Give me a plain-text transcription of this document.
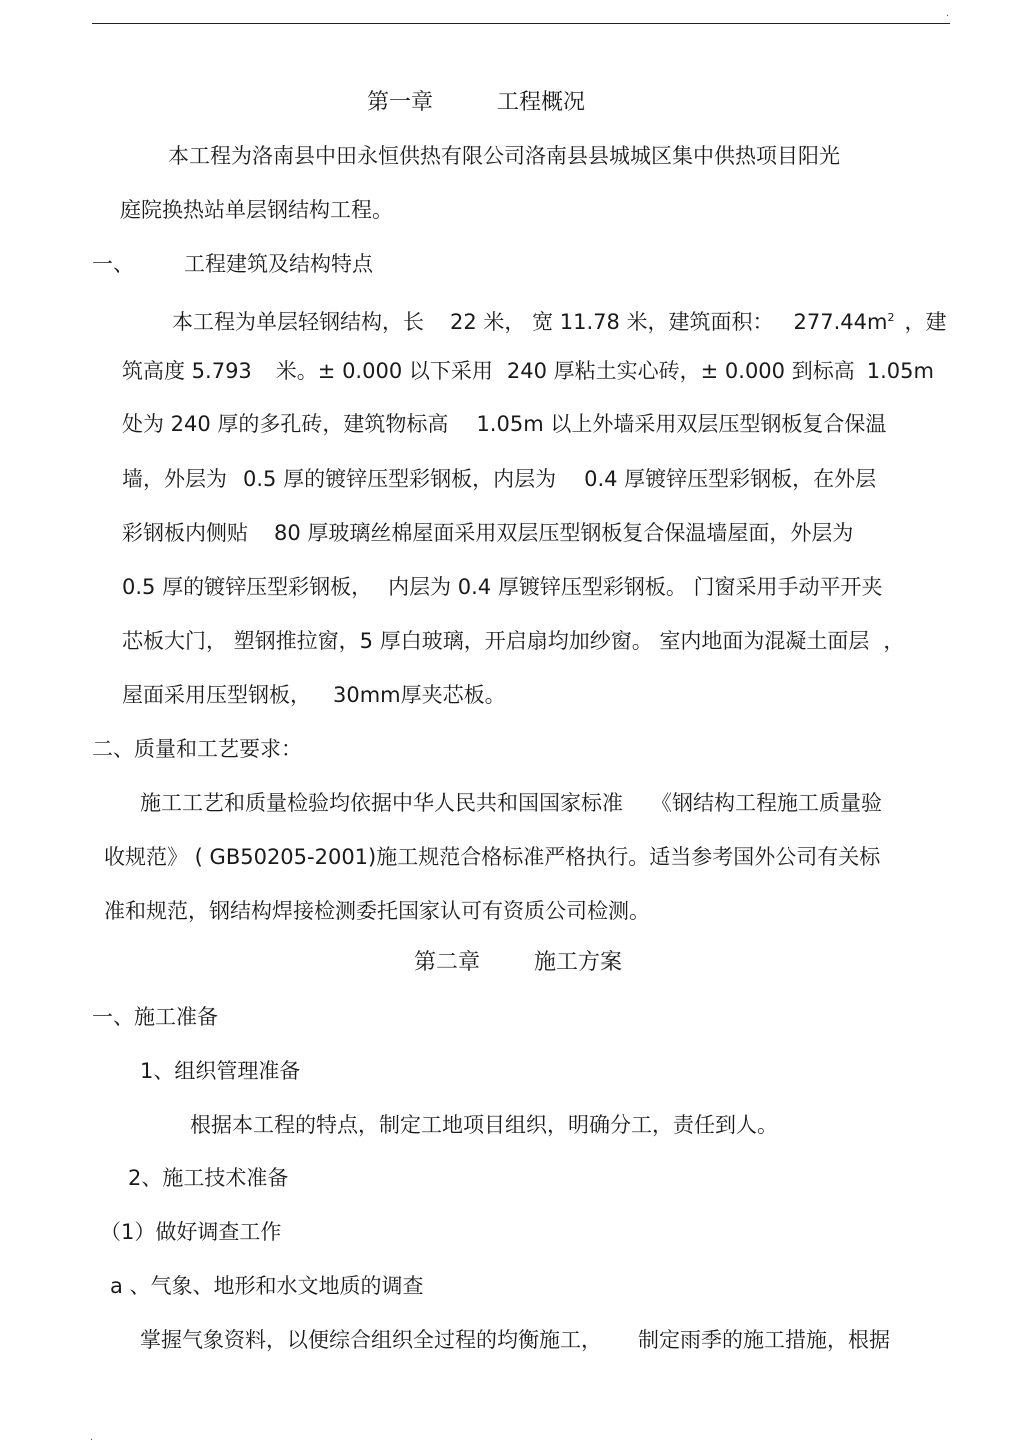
.
.
第一章	工程概况
本工程为洛南县中田永恒供热有限公司洛南县县城城区集中供热项目阳光
庭院换热站单层钢结构工程。
一、 工程建筑及结构特点
本工程为单层轻钢结构，长 22 米， 宽 11.78 米，建筑面积： $277.44m^2$ ，建
筑高度 5.793 米。± 0.000 以下采用 240 厚粘土实心砖，± 0.000 到标高 1.05m
处为 240 厚的多孔砖，建筑物标高 1.05m 以上外墙采用双层压型钢板复合保温
墙，外层为 0.5 厚的镀锌压型彩钢板，内层为 0.4 厚镀锌压型彩钢板，在外层
彩钢板内侧贴 80 厚玻璃丝棉屋面采用双层压型钢板复合保温墙屋面，外层为
0.5 厚的镀锌压型彩钢板， 内层为 0.4 厚镀锌压型彩钢板。 门窗采用手动平开夹
芯板大门， 塑钢推拉窗，5 厚白玻璃，开启扇均加纱窗。 室内地面为混凝土面层 ，
屋面采用压型钢板， 30mm厚夹芯板。
二、质量和工艺要求：
施工工艺和质量检验均依据中华人民共和国国家标准 《钢结构工程施工质量验
收规范》 ( GB50205-2001)施工规范合格标准严格执行。适当参考国外公司有关标
准和规范，钢结构焊接检测委托国家认可有资质公司检测。
第二章 施工方案
一、施工准备
1、组织管理准备
根据本工程的特点，制定工地项目组织，明确分工，责任到人。
2、施工技术准备
（1）做好调查工作
a 、气象、地形和水文地质的调查
掌握气象资料，以便综合组织全过程的均衡施工， 制定雨季的施工措施，根据
